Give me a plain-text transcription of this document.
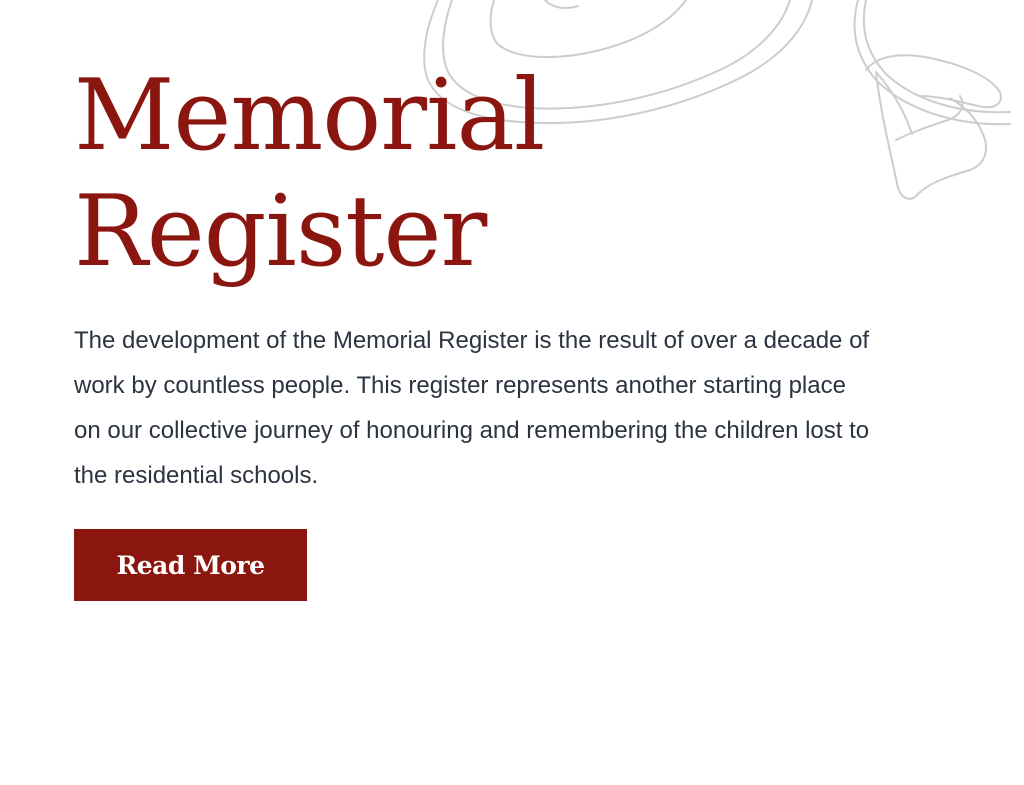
Memorial
Register

The development of the Memorial Register is the result of over a decade of work by countless people. This register represents another starting place on our collective journey of honouring and remembering the children lost to the residential schools.

Read More
